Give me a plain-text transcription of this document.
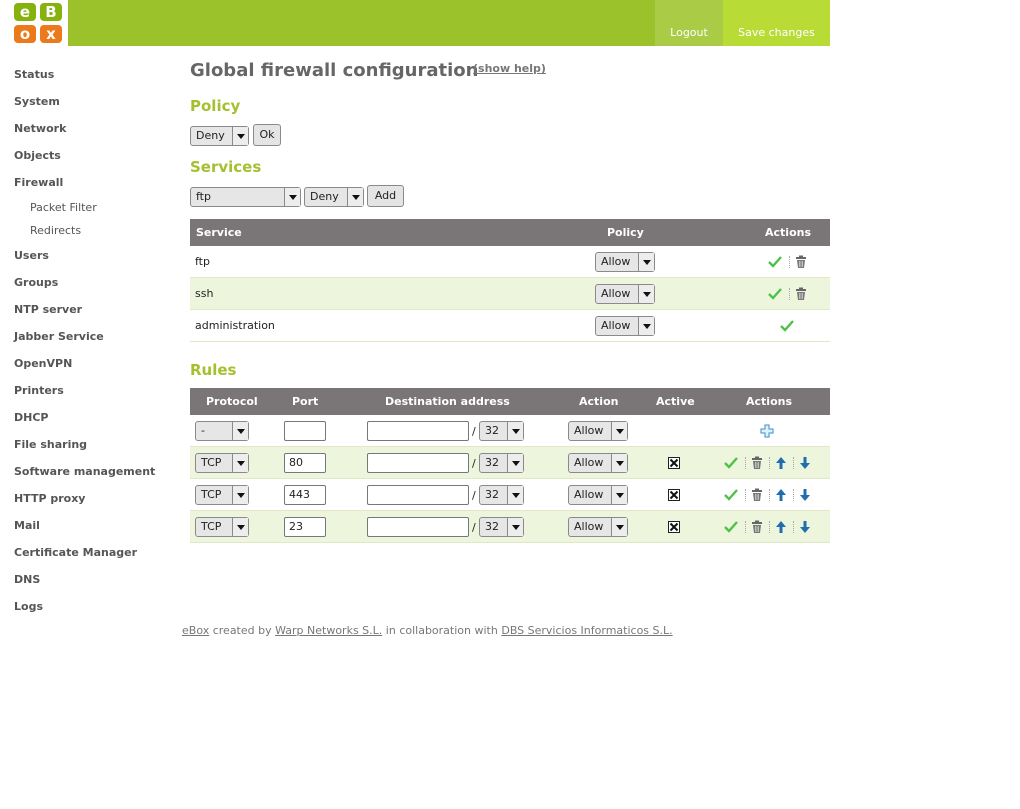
e	B
o	x	Logout	Save changes
Status
System
Network
Objects
Firewall
Packet Filter
Redirects
Users
Groups
NTP server
Jabber Service
OpenVPN
Printers
DHCP
File sharing
Software management
HTTP proxy
Mail
Certificate Manager
DNS
Logs
Global firewall configuration
(show help)
Policy
Deny	Ok
Services
ftp	Deny	Add
Service	Policy	Actions
ftp	Allow
ssh	Allow
administration	Allow
Rules
Protocol	Port	Destination address	Action	Active	Actions
-	/ 32	Allow
TCP	80	/ 32	Allow
TCP	443	/ 32	Allow
TCP	23	/ 32	Allow
eBox created by Warp Networks S.L. in collaboration with DBS Servicios Informaticos S.L.
